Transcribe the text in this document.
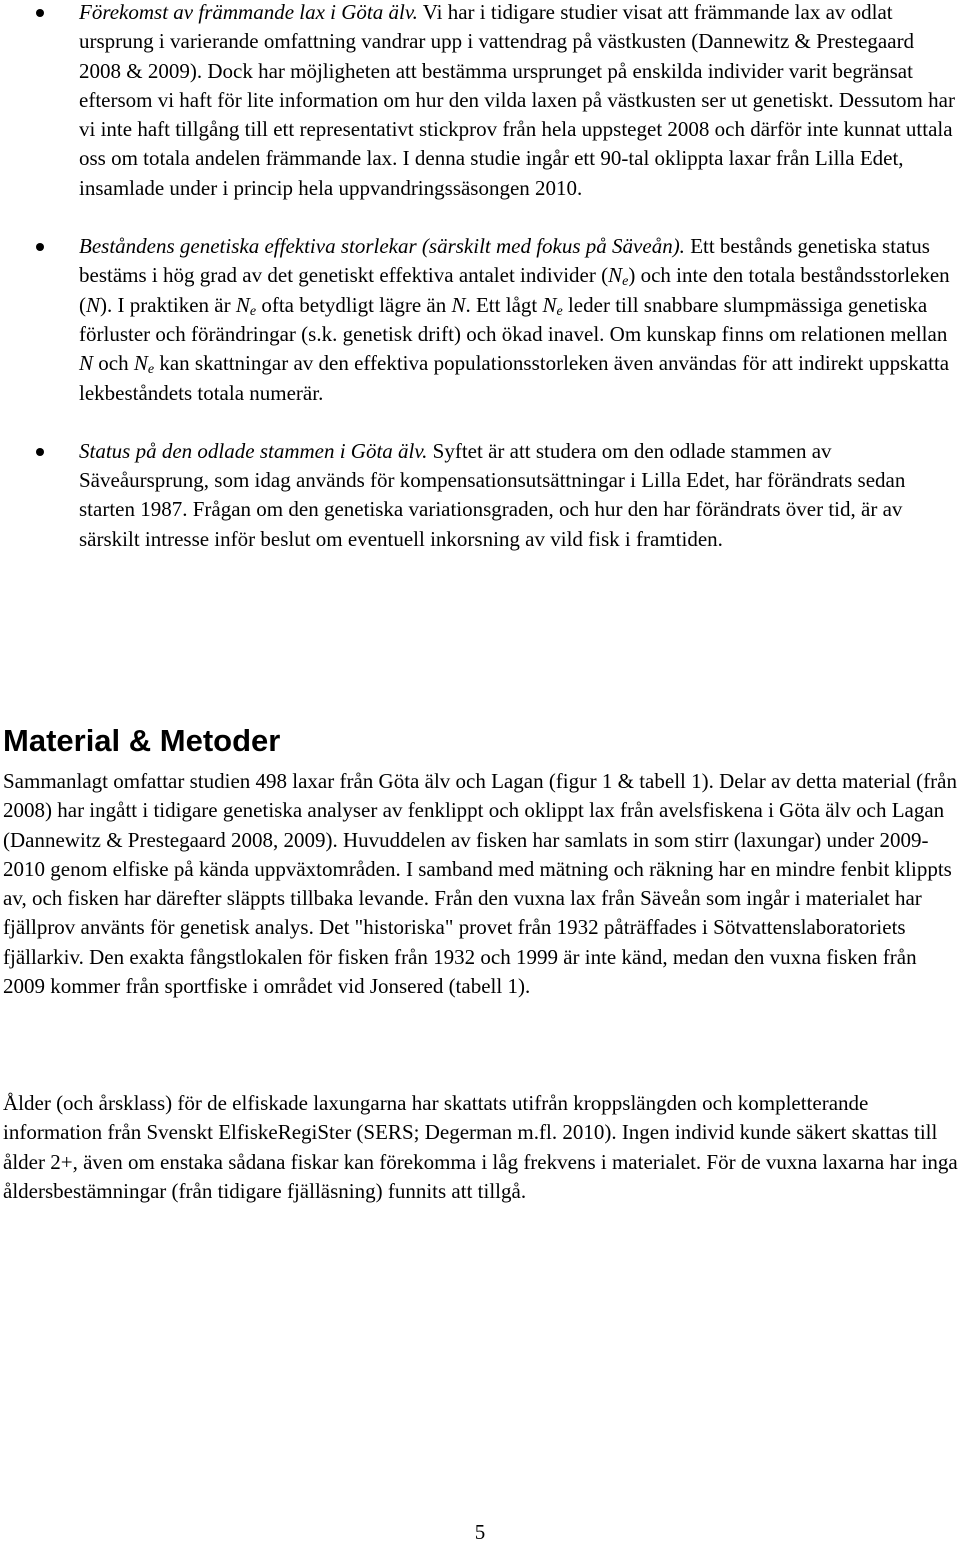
Förekomst av främmande lax i Göta älv. Vi har i tidigare studier visat att främmande lax av odlat ursprung i varierande omfattning vandrar upp i vattendrag på västkusten (Dannewitz & Prestegaard 2008 & 2009). Dock har möjligheten att bestämma ursprunget på enskilda individer varit begränsat eftersom vi haft för lite information om hur den vilda laxen på västkusten ser ut genetiskt. Dessutom har vi inte haft tillgång till ett representativt stickprov från hela uppsteget 2008 och därför inte kunnat uttala oss om totala andelen främmande lax. I denna studie ingår ett 90-tal oklippta laxar från Lilla Edet, insamlade under i princip hela uppvandringssäsongen 2010.
Beståndens genetiska effektiva storlekar (särskilt med fokus på Säveån). Ett bestånds genetiska status bestäms i hög grad av det genetiskt effektiva antalet individer $(N_e)$ och inte den totala beståndsstorleken (N). I praktiken är $N_e$ ofta betydligt lägre än N. Ett lågt $N_e$ leder till snabbare slumpmässiga genetiska förluster och förändringar (s.k. genetisk drift) och ökad inavel. Om kunskap finns om relationen mellan N och $N_e$ kan skattningar av den effektiva populationsstorleken även användas för att indirekt uppskatta lekbeståndets totala numerär.
Status på den odlade stammen i Göta älv. Syftet är att studera om den odlade stammen av Säveåursprung, som idag används för kompensationsutsättningar i Lilla Edet, har förändrats sedan starten 1987. Frågan om den genetiska variationsgraden, och hur den har förändrats över tid, är av särskilt intresse inför beslut om eventuell inkorsning av vild fisk i framtiden.
Material & Metoder

Sammanlagt omfattar studien 498 laxar från Göta älv och Lagan (figur 1 & tabell 1). Delar av detta material (från 2008) har ingått i tidigare genetiska analyser av fenklippt och oklippt lax från avelsfiskena i Göta älv och Lagan (Dannewitz & Prestegaard 2008, 2009). Huvuddelen av fisken har samlats in som stirr (laxungar) under 2009-2010 genom elfiske på kända uppväxtområden. I samband med mätning och räkning har en mindre fenbit klippts av, och fisken har därefter släppts tillbaka levande. Från den vuxna lax från Säveån som ingår i materialet har fjällprov använts för genetisk analys. Det "historiska" provet från 1932 påträffades i Sötvattenslaboratoriets fjällarkiv. Den exakta fångstlokalen för fisken från 1932 och 1999 är inte känd, medan den vuxna fisken från 2009 kommer från sportfiske i området vid Jonsered (tabell 1).

Ålder (och årsklass) för de elfiskade laxungarna har skattats utifrån kroppslängden och kompletterande information från Svenskt ElfiskeRegiSter (SERS; Degerman m.fl. 2010). Ingen individ kunde säkert skattas till ålder 2+, även om enstaka sådana fiskar kan förekomma i låg frekvens i materialet. För de vuxna laxarna har inga åldersbestämningar (från tidigare fjälläsning) funnits att tillgå.

5
